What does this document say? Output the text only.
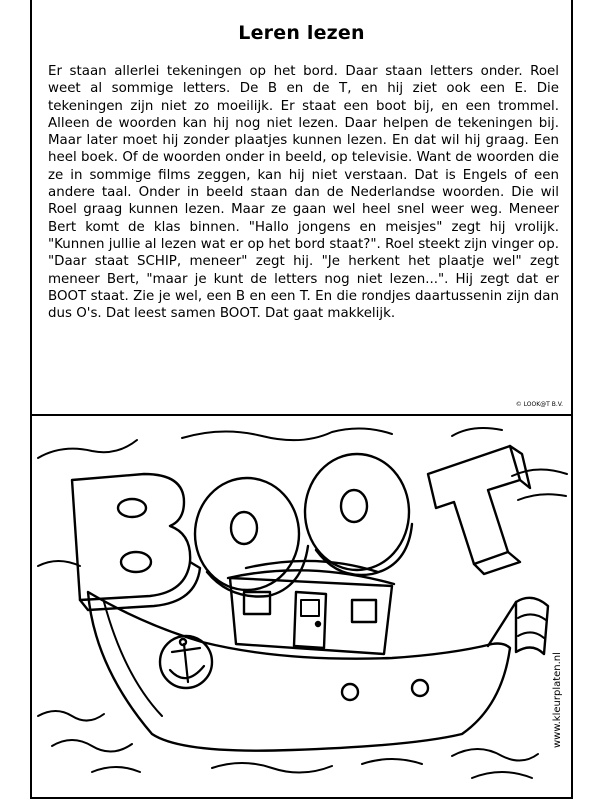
Leren lezen

Er staan allerlei tekeningen op het bord. Daar staan letters onder. Roel weet al sommige letters. De B en de T, en hij ziet ook een E. Die tekeningen zijn niet zo moeilijk. Er staat een boot bij, en een trommel. Alleen de woorden kan hij nog niet lezen. Daar helpen de tekeningen bij. Maar later moet hij zonder plaatjes kunnen lezen. En dat wil hij graag. Een heel boek. Of de woorden onder in beeld, op televisie. Want de woorden die ze in sommige films zeggen, kan hij niet verstaan. Dat is Engels of een andere taal. Onder in beeld staan dan de Nederlandse woorden. Die wil Roel graag kunnen lezen. Maar ze gaan wel heel snel weer weg. Meneer Bert komt de klas binnen. "Hallo jongens en meisjes" zegt hij vrolijk. "Kunnen jullie al lezen wat er op het bord staat?". Roel steekt zijn vinger op. "Daar staat SCHIP, meneer" zegt hij. "Je herkent het plaatje wel" zegt meneer Bert, "maar je kunt de letters nog niet lezen...". Hij zegt dat er BOOT staat. Zie je wel, een B en een T. En die rondjes daartussenin zijn dan dus O's. Dat leest samen BOOT. Dat gaat makkelijk.

© LOOK@T B.V.
www.kleurplaten.nl
